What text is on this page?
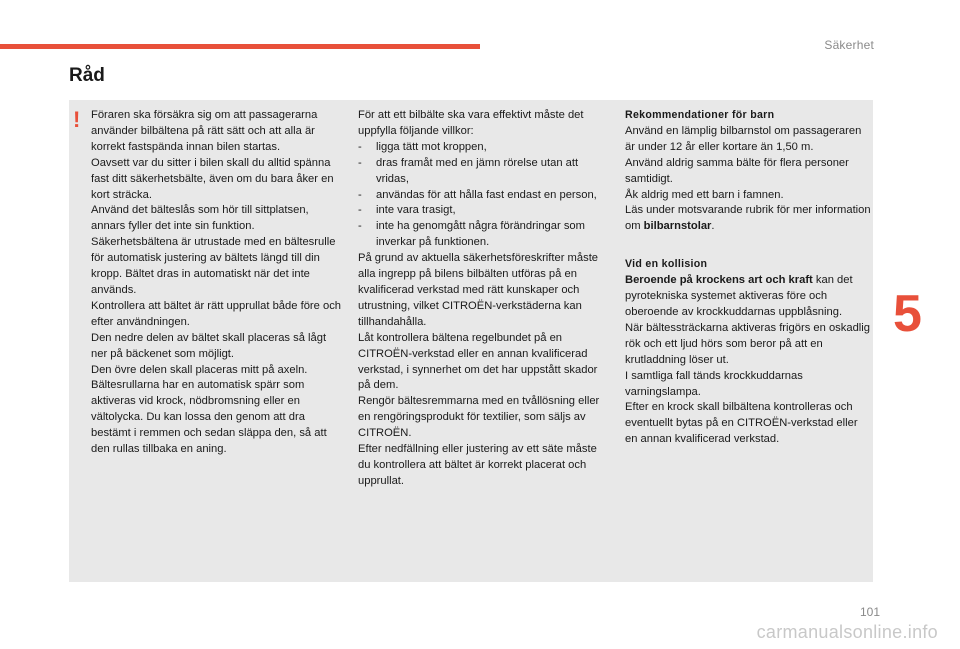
Säkerhet
Råd
! Föraren ska försäkra sig om att passagerarna använder bilbältena på rätt sätt och att alla är korrekt fastspända innan bilen startas.
Oavsett var du sitter i bilen skall du alltid spänna fast ditt säkerhetsbälte, även om du bara åker en kort sträcka.
Använd det bälteslås som hör till sittplatsen, annars fyller det inte sin funktion.
Säkerhetsbältena är utrustade med en bältesrulle för automatisk justering av bältets längd till din kropp. Bältet dras in automatiskt när det inte används.
Kontrollera att bältet är rätt upprullat både före och efter användningen.
Den nedre delen av bältet skall placeras så lågt ner på bäckenet som möjligt.
Den övre delen skall placeras mitt på axeln.
Bältesrullarna har en automatisk spärr som aktiveras vid krock, nödbromsning eller en vältolycka. Du kan lossa den genom att dra bestämt i remmen och sedan släppa den, så att den rullas tillbaka en aning.

För att ett bilbälte ska vara effektivt måste det uppfylla följande villkor:

- ligga tätt mot kroppen,
- dras framåt med en jämn rörelse utan att vridas,
- användas för att hålla fast endast en person,
- inte vara trasigt,
- inte ha genomgått några förändringar som inverkar på funktionen.

På grund av aktuella säkerhetsföreskrifter måste alla ingrepp på bilens bilbälten utföras på en kvalificerad verkstad med rätt kunskaper och utrustning, vilket CITROËN-verkstäderna kan tillhandahålla.

Låt kontrollera bältena regelbundet på en CITROËN-verkstad eller en annan kvalificerad verkstad, i synnerhet om det har uppstått skador på dem.

Rengör bältesremmarna med en tvållösning eller en rengöringsprodukt för textilier, som säljs av CITROËN.

Efter nedfällning eller justering av ett säte måste du kontrollera att bältet är korrekt placerat och upprullat.

Rekommendationer för barn

Använd en lämplig bilbarnstol om passageraren är under 12 år eller kortare än 1,50 m.
Använd aldrig samma bälte för flera personer samtidigt.
Åk aldrig med ett barn i famnen.
Läs under motsvarande rubrik för mer information om bilbarnstolar.

Vid en kollision

Beroende på krockens art och kraft kan det pyrotekniska systemet aktiveras före och oberoende av krockkuddarnas uppblåsning.
När bältessträckarna aktiveras frigörs en oskadlig rök och ett ljud hörs som beror på att en krutladdning löser ut.
I samtliga fall tänds krockkuddarnas varningslampa.
Efter en krock skall bilbältena kontrolleras och eventuellt bytas på en CITROËN-verkstad eller en annan kvalificerad verkstad.

5
101
carmanualsonline.info
